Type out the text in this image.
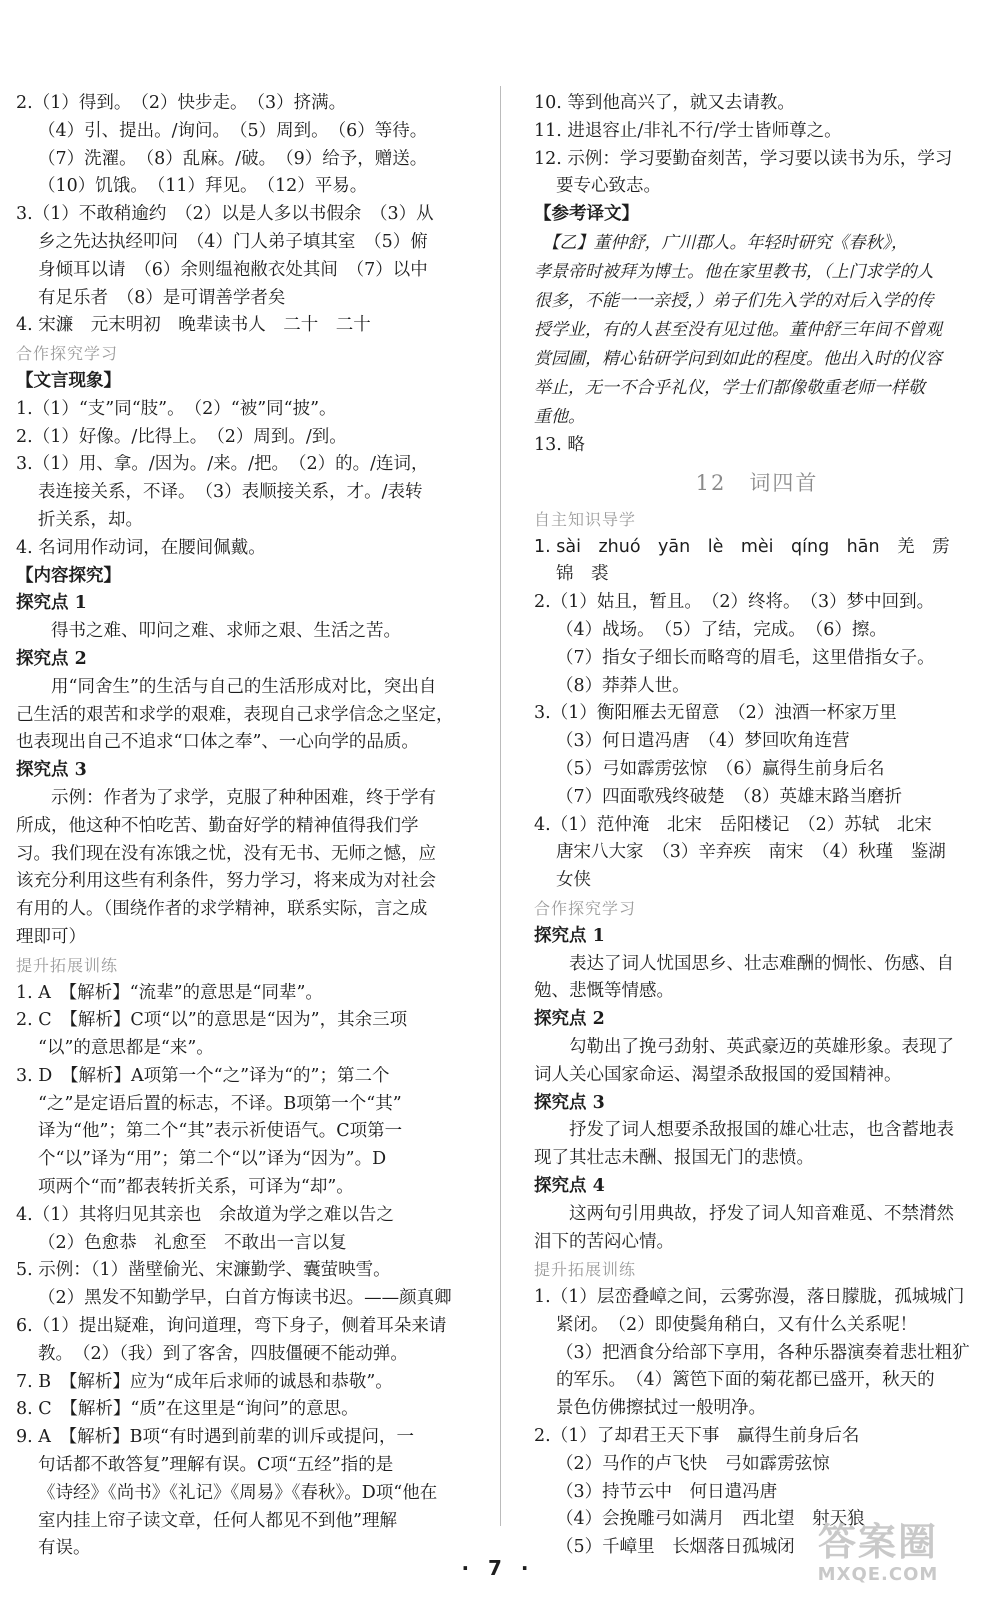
2.（1）得到。　（2）快步走。　（3）挤满。
（4）引、提出。/询问。　（5）周到。　（6）等待。
（7）洗濯。　（8）乱麻。/破。　（9）给予，赠送。
（10）饥饿。　（11）拜见。　（12）平易。
3.（1）不敢稍逾约　（2）以是人多以书假余　（3）从
乡之先达执经叩问　（4）门人弟子填其室　（5）俯
身倾耳以请　（6）余则缊袍敝衣处其间　（7）以中
有足乐者　（8）是可谓善学者矣
4. 宋濂　元末明初　晚辈读书人　二十　二十
合作探究学习
【文言现象】
1.（1）“支”同“肢”。　（2）“被”同“披”。
2.（1）好像。/比得上。　（2）周到。/到。
3.（1）用、拿。/因为。/来。/把。　（2）的。/连词，
表连接关系，不译。　（3）表顺接关系，才。/表转
折关系，却。
4. 名词用作动词，在腰间佩戴。
【内容探究】
探究点 1
　　得书之难、叩问之难、求师之艰、生活之苦。
探究点 2
　　用“同舍生”的生活与自己的生活形成对比，突出自
己生活的艰苦和求学的艰难，表现自己求学信念之坚定，
也表现出自己不追求“口体之奉”、一心向学的品质。
探究点 3
　　示例：作者为了求学，克服了种种困难，终于学有
所成，他这种不怕吃苦、勤奋好学的精神值得我们学
习。我们现在没有冻饿之忧，没有无书、无师之憾，应
该充分利用这些有利条件，努力学习，将来成为对社会
有用的人。（围绕作者的求学精神，联系实际，言之成
理即可）
提升拓展训练
1. A　【解析】“流辈”的意思是“同辈”。
2. C　【解析】C项“以”的意思是“因为”，其余三项
“以”的意思都是“来”。
3. D　【解析】A项第一个“之”译为“的”；第二个
“之”是定语后置的标志，不译。B项第一个“其”
译为“他”；第二个“其”表示祈使语气。C项第一
个“以”译为“用”；第二个“以”译为“因为”。D
项两个“而”都表转折关系，可译为“却”。
4.（1）其将归见其亲也　余故道为学之难以告之
（2）色愈恭　礼愈至　不敢出一言以复
5. 示例：（1）凿壁偷光、宋濂勤学、囊萤映雪。
（2）黑发不知勤学早，白首方悔读书迟。——颜真卿
6.（1）提出疑难，询问道理，弯下身子，侧着耳朵来请
教。　（2）（我）到了客舍，四肢僵硬不能动弹。
7. B　【解析】应为“成年后求师的诚恳和恭敬”。
8. C　【解析】“质”在这里是“询问”的意思。
9. A　【解析】B项“有时遇到前辈的训斥或提问，一
句话都不敢答复”理解有误。C项“五经”指的是
《诗经》《尚书》《礼记》《周易》《春秋》。D项“他在
室内挂上帘子读文章，任何人都见不到他”理解
有误。
10. 等到他高兴了，就又去请教。
11. 进退容止/非礼不行/学士皆师尊之。
12. 示例：学习要勤奋刻苦，学习要以读书为乐，学习
要专心致志。
【参考译文】
　【乙】董仲舒，广川郡人。年轻时研究《春秋》，
孝景帝时被拜为博士。他在家里教书，（上门求学的人
很多，不能一一亲授，）弟子们先入学的对后入学的传
授学业，有的人甚至没有见过他。董仲舒三年间不曾观
赏园圃，精心钻研学问到如此的程度。他出入时的仪容
举止，无一不合乎礼仪，学士们都像敬重老师一样敬
重他。
13. 略
12　词四首
自主知识导学
1. sài　zhuó　yān　lè　mèi　qíng　hān　羌　雳
锦　裘
2.（1）姑且，暂且。　（2）终将。　（3）梦中回到。
（4）战场。　（5）了结，完成。　（6）擦。
（7）指女子细长而略弯的眉毛，这里借指女子。
（8）莽莽人世。
3.（1）衡阳雁去无留意　（2）浊酒一杯家万里
（3）何日遣冯唐　（4）梦回吹角连营
（5）弓如霹雳弦惊　（6）赢得生前身后名
（7）四面歌残终破楚　（8）英雄末路当磨折
4.（1）范仲淹　北宋　岳阳楼记　（2）苏轼　北宋
唐宋八大家　（3）辛弃疾　南宋　（4）秋瑾　鉴湖
女侠
合作探究学习
探究点 1
　　表达了词人忧国思乡、壮志难酬的惆怅、伤感、自
勉、悲慨等情感。
探究点 2
　　勾勒出了挽弓劲射、英武豪迈的英雄形象。表现了
词人关心国家命运、渴望杀敌报国的爱国精神。
探究点 3
　　抒发了词人想要杀敌报国的雄心壮志，也含蓄地表
现了其壮志未酬、报国无门的悲愤。
探究点 4
　　这两句引用典故，抒发了词人知音难觅、不禁潸然
泪下的苦闷心情。
提升拓展训练
1.（1）层峦叠嶂之间，云雾弥漫，落日朦胧，孤城城门
紧闭。　（2）即使鬓角稍白，又有什么关系呢！
（3）把酒食分给部下享用，各种乐器演奏着悲壮粗犷
的军乐。　（4）篱笆下面的菊花都已盛开，秋天的
景色仿佛擦拭过一般明净。
2.（1）了却君王天下事　赢得生前身后名
（2）马作的卢飞快　弓如霹雳弦惊
（3）持节云中　何日遣冯唐
（4）会挽雕弓如满月　西北望　射天狼
（5）千嶂里　长烟落日孤城闭
· 7 ·
答案圈
MXQE.COM
